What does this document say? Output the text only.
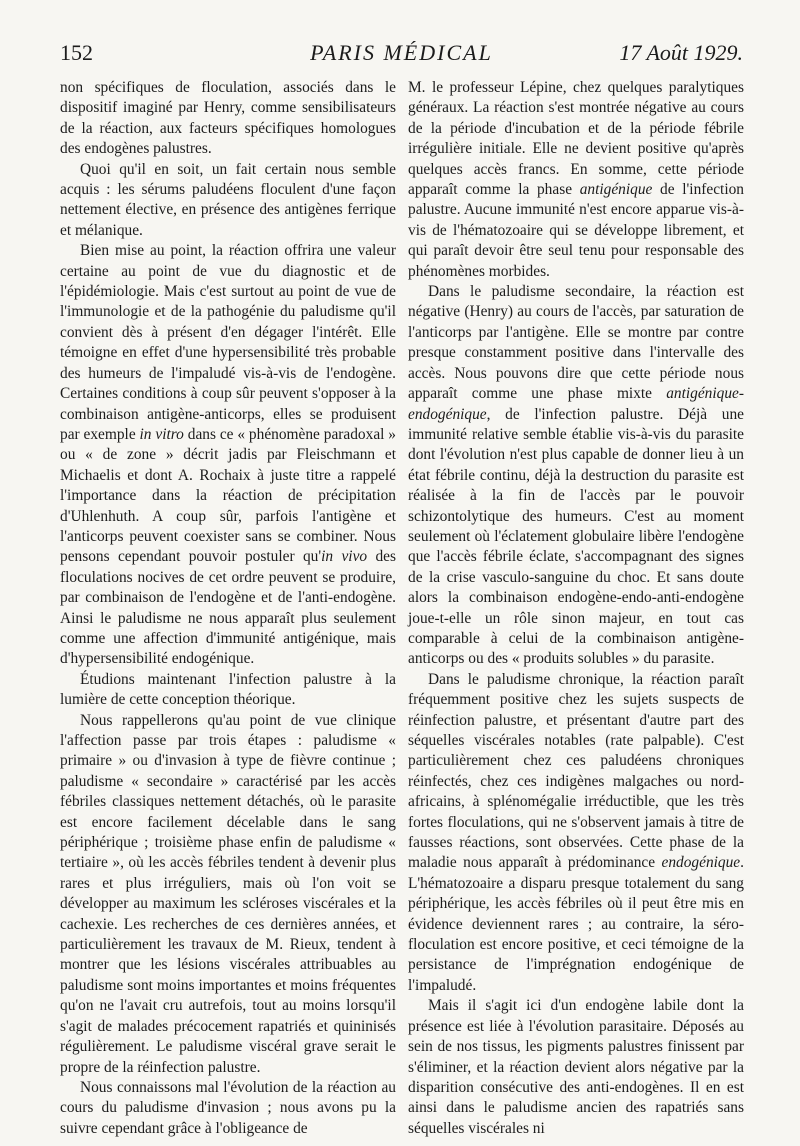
152	PARIS MÉDICAL	17 Août 1929.

non spécifiques de floculation, associés dans le dispositif imaginé par Henry, comme sensibilisateurs de la réaction, aux facteurs spécifiques homologues des endogènes palustres.

Quoi qu'il en soit, un fait certain nous semble acquis : les sérums paludéens floculent d'une façon nettement élective, en présence des antigènes ferrique et mélanique.

Bien mise au point, la réaction offrira une valeur certaine au point de vue du diagnostic et de l'épidémiologie. Mais c'est surtout au point de vue de l'immunologie et de la pathogénie du paludisme qu'il convient dès à présent d'en dégager l'intérêt. Elle témoigne en effet d'une hypersensibilité très probable des humeurs de l'impaludé vis-à-vis de l'endogène. Certaines conditions à coup sûr peuvent s'opposer à la combinaison antigène-anticorps, elles se produisent par exemple in vitro dans ce « phénomène paradoxal » ou « de zone » décrit jadis par Fleischmann et Michaelis et dont A. Rochaix à juste titre a rappelé l'importance dans la réaction de précipitation d'Uhlenhuth. A coup sûr, parfois l'antigène et l'anticorps peuvent coexister sans se combiner. Nous pensons cependant pouvoir postuler qu'in vivo des floculations nocives de cet ordre peuvent se produire, par combinaison de l'endogène et de l'anti-endogène. Ainsi le paludisme ne nous apparaît plus seulement comme une affection d'immunité antigénique, mais d'hypersensibilité endogénique.

Étudions maintenant l'infection palustre à la lumière de cette conception théorique.

Nous rappellerons qu'au point de vue clinique l'affection passe par trois étapes : paludisme « primaire » ou d'invasion à type de fièvre continue ; paludisme « secondaire » caractérisé par les accès fébriles classiques nettement détachés, où le parasite est encore facilement décelable dans le sang périphérique ; troisième phase enfin de paludisme « tertiaire », où les accès fébriles tendent à devenir plus rares et plus irréguliers, mais où l'on voit se développer au maximum les scléroses viscérales et la cachexie. Les recherches de ces dernières années, et particulièrement les travaux de M. Rieux, tendent à montrer que les lésions viscérales attribuables au paludisme sont moins importantes et moins fréquentes qu'on ne l'avait cru autrefois, tout au moins lorsqu'il s'agit de malades précocement rapatriés et quininisés régulièrement. Le paludisme viscéral grave serait le propre de la réinfection palustre.

Nous connaissons mal l'évolution de la réaction au cours du paludisme d'invasion ; nous avons pu la suivre cependant grâce à l'obligeance de

M. le professeur Lépine, chez quelques paralytiques généraux. La réaction s'est montrée négative au cours de la période d'incubation et de la période fébrile irrégulière initiale. Elle ne devient positive qu'après quelques accès francs. En somme, cette période apparaît comme la phase antigénique de l'infection palustre. Aucune immunité n'est encore apparue vis-à-vis de l'hématozoaire qui se développe librement, et qui paraît devoir être seul tenu pour responsable des phénomènes morbides.

Dans le paludisme secondaire, la réaction est négative (Henry) au cours de l'accès, par saturation de l'anticorps par l'antigène. Elle se montre par contre presque constamment positive dans l'intervalle des accès. Nous pouvons dire que cette période nous apparaît comme une phase mixte antigénique-endogénique, de l'infection palustre. Déjà une immunité relative semble établie vis-à-vis du parasite dont l'évolution n'est plus capable de donner lieu à un état fébrile continu, déjà la destruction du parasite est réalisée à la fin de l'accès par le pouvoir schizontolytique des humeurs. C'est au moment seulement où l'éclatement globulaire libère l'endogène que l'accès fébrile éclate, s'accompagnant des signes de la crise vasculo-sanguine du choc. Et sans doute alors la combinaison endogène-endo-anti-endogène joue-t-elle un rôle sinon majeur, en tout cas comparable à celui de la combinaison antigène-anticorps ou des « produits solubles » du parasite.

Dans le paludisme chronique, la réaction paraît fréquemment positive chez les sujets suspects de réinfection palustre, et présentant d'autre part des séquelles viscérales notables (rate palpable). C'est particulièrement chez ces paludéens chroniques réinfectés, chez ces indigènes malgaches ou nord-africains, à splénomégalie irréductible, que les très fortes floculations, qui ne s'observent jamais à titre de fausses réactions, sont observées. Cette phase de la maladie nous apparaît à prédominance endogénique. L'hématozoaire a disparu presque totalement du sang périphérique, les accès fébriles où il peut être mis en évidence deviennent rares ; au contraire, la séro-floculation est encore positive, et ceci témoigne de la persistance de l'imprégnation endogénique de l'impaludé.

Mais il s'agit ici d'un endogène labile dont la présence est liée à l'évolution parasitaire. Déposés au sein de nos tissus, les pigments palustres finissent par s'éliminer, et la réaction devient alors négative par la disparition consécutive des anti-endogènes. Il en est ainsi dans le paludisme ancien des rapatriés sans séquelles viscérales ni
